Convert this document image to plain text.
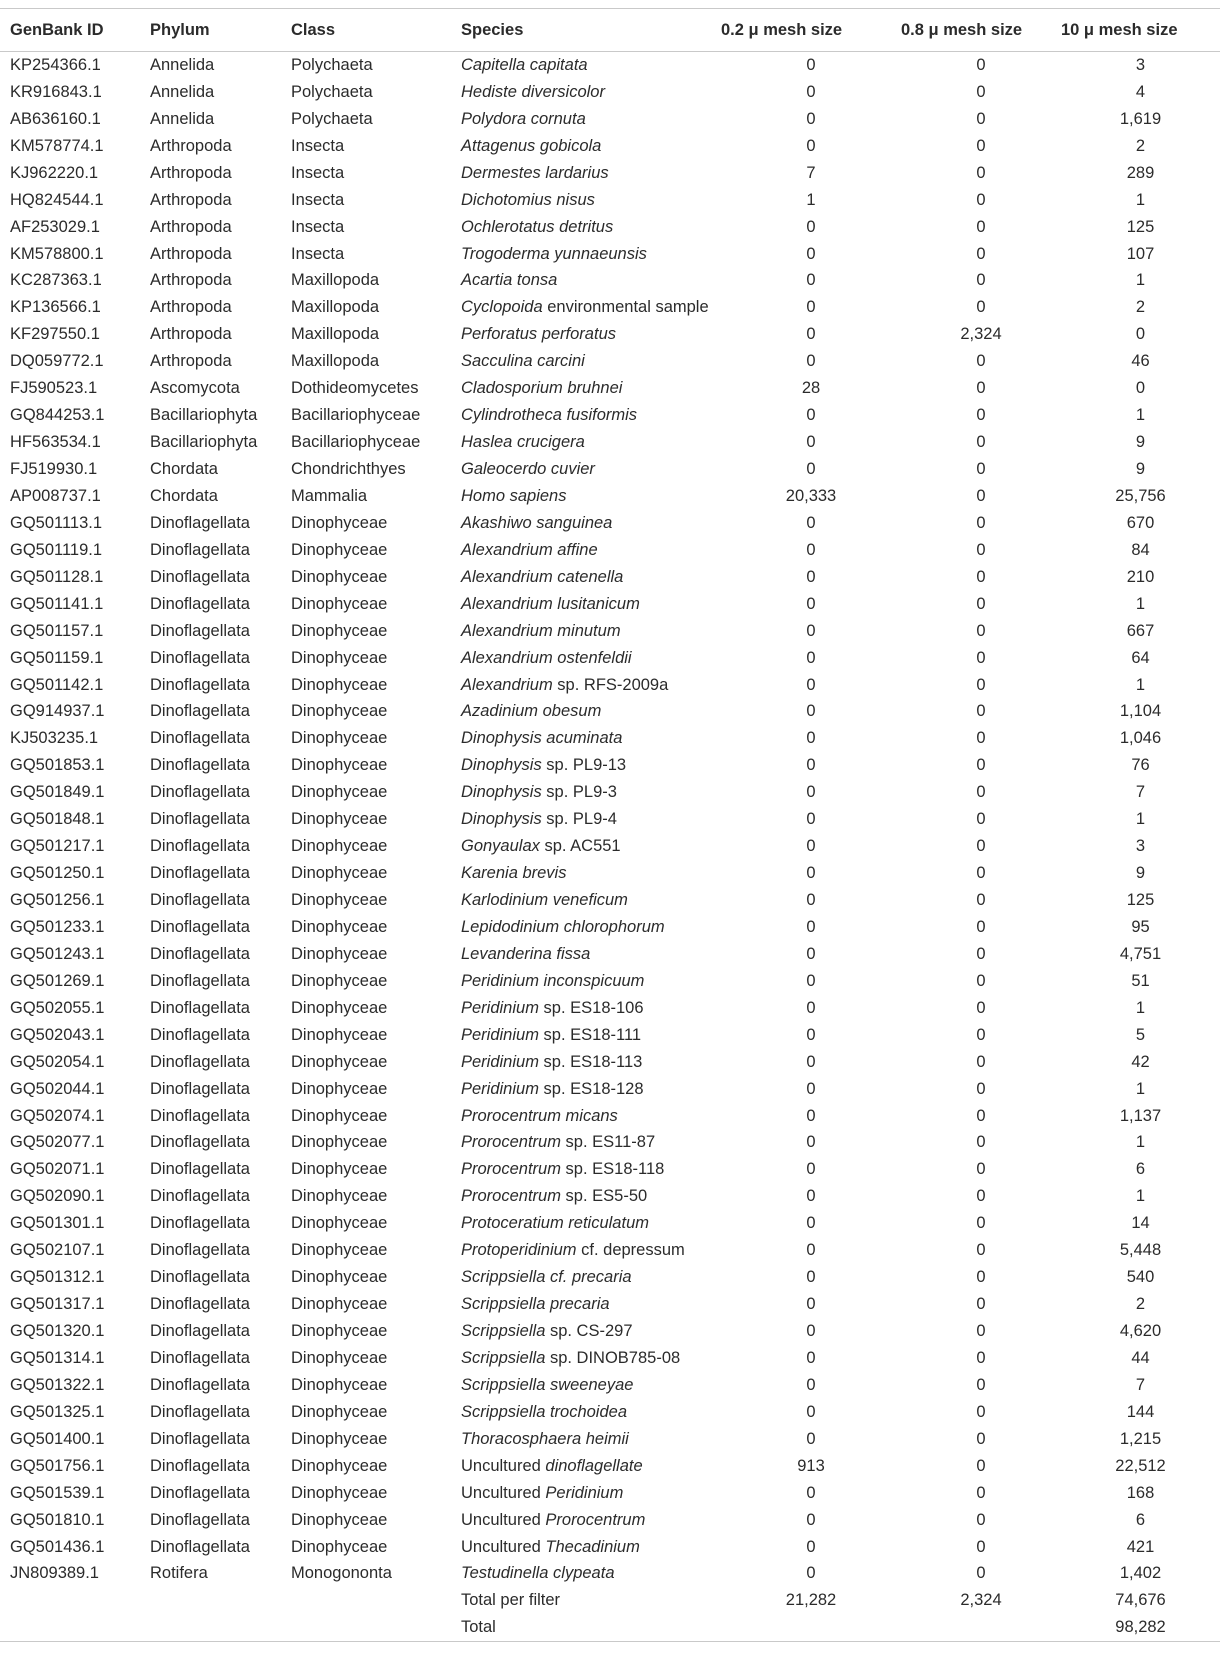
GenBank ID	Phylum	Class	Species	0.2 μ mesh size	0.8 μ mesh size	10 μ mesh size
KP254366.1	Annelida	Polychaeta	Capitella capitata	0	0	3
KR916843.1	Annelida	Polychaeta	Hediste diversicolor	0	0	4
AB636160.1	Annelida	Polychaeta	Polydora cornuta	0	0	1,619
KM578774.1	Arthropoda	Insecta	Attagenus gobicola	0	0	2
KJ962220.1	Arthropoda	Insecta	Dermestes lardarius	7	0	289
HQ824544.1	Arthropoda	Insecta	Dichotomius nisus	1	0	1
AF253029.1	Arthropoda	Insecta	Ochlerotatus detritus	0	0	125
KM578800.1	Arthropoda	Insecta	Trogoderma yunnaeunsis	0	0	107
KC287363.1	Arthropoda	Maxillopoda	Acartia tonsa	0	0	1
KP136566.1	Arthropoda	Maxillopoda	Cyclopoida environmental sample	0	0	2
KF297550.1	Arthropoda	Maxillopoda	Perforatus perforatus	0	2,324	0
DQ059772.1	Arthropoda	Maxillopoda	Sacculina carcini	0	0	46
FJ590523.1	Ascomycota	Dothideomycetes	Cladosporium bruhnei	28	0	0
GQ844253.1	Bacillariophyta	Bacillariophyceae	Cylindrotheca fusiformis	0	0	1
HF563534.1	Bacillariophyta	Bacillariophyceae	Haslea crucigera	0	0	9
FJ519930.1	Chordata	Chondrichthyes	Galeocerdo cuvier	0	0	9
AP008737.1	Chordata	Mammalia	Homo sapiens	20,333	0	25,756
GQ501113.1	Dinoflagellata	Dinophyceae	Akashiwo sanguinea	0	0	670
GQ501119.1	Dinoflagellata	Dinophyceae	Alexandrium affine	0	0	84
GQ501128.1	Dinoflagellata	Dinophyceae	Alexandrium catenella	0	0	210
GQ501141.1	Dinoflagellata	Dinophyceae	Alexandrium lusitanicum	0	0	1
GQ501157.1	Dinoflagellata	Dinophyceae	Alexandrium minutum	0	0	667
GQ501159.1	Dinoflagellata	Dinophyceae	Alexandrium ostenfeldii	0	0	64
GQ501142.1	Dinoflagellata	Dinophyceae	Alexandrium sp. RFS-2009a	0	0	1
GQ914937.1	Dinoflagellata	Dinophyceae	Azadinium obesum	0	0	1,104
KJ503235.1	Dinoflagellata	Dinophyceae	Dinophysis acuminata	0	0	1,046
GQ501853.1	Dinoflagellata	Dinophyceae	Dinophysis sp. PL9-13	0	0	76
GQ501849.1	Dinoflagellata	Dinophyceae	Dinophysis sp. PL9-3	0	0	7
GQ501848.1	Dinoflagellata	Dinophyceae	Dinophysis sp. PL9-4	0	0	1
GQ501217.1	Dinoflagellata	Dinophyceae	Gonyaulax sp. AC551	0	0	3
GQ501250.1	Dinoflagellata	Dinophyceae	Karenia brevis	0	0	9
GQ501256.1	Dinoflagellata	Dinophyceae	Karlodinium veneficum	0	0	125
GQ501233.1	Dinoflagellata	Dinophyceae	Lepidodinium chlorophorum	0	0	95
GQ501243.1	Dinoflagellata	Dinophyceae	Levanderina fissa	0	0	4,751
GQ501269.1	Dinoflagellata	Dinophyceae	Peridinium inconspicuum	0	0	51
GQ502055.1	Dinoflagellata	Dinophyceae	Peridinium sp. ES18-106	0	0	1
GQ502043.1	Dinoflagellata	Dinophyceae	Peridinium sp. ES18-111	0	0	5
GQ502054.1	Dinoflagellata	Dinophyceae	Peridinium sp. ES18-113	0	0	42
GQ502044.1	Dinoflagellata	Dinophyceae	Peridinium sp. ES18-128	0	0	1
GQ502074.1	Dinoflagellata	Dinophyceae	Prorocentrum micans	0	0	1,137
GQ502077.1	Dinoflagellata	Dinophyceae	Prorocentrum sp. ES11-87	0	0	1
GQ502071.1	Dinoflagellata	Dinophyceae	Prorocentrum sp. ES18-118	0	0	6
GQ502090.1	Dinoflagellata	Dinophyceae	Prorocentrum sp. ES5-50	0	0	1
GQ501301.1	Dinoflagellata	Dinophyceae	Protoceratium reticulatum	0	0	14
GQ502107.1	Dinoflagellata	Dinophyceae	Protoperidinium cf. depressum	0	0	5,448
GQ501312.1	Dinoflagellata	Dinophyceae	Scrippsiella cf. precaria	0	0	540
GQ501317.1	Dinoflagellata	Dinophyceae	Scrippsiella precaria	0	0	2
GQ501320.1	Dinoflagellata	Dinophyceae	Scrippsiella sp. CS-297	0	0	4,620
GQ501314.1	Dinoflagellata	Dinophyceae	Scrippsiella sp. DINOB785-08	0	0	44
GQ501322.1	Dinoflagellata	Dinophyceae	Scrippsiella sweeneyae	0	0	7
GQ501325.1	Dinoflagellata	Dinophyceae	Scrippsiella trochoidea	0	0	144
GQ501400.1	Dinoflagellata	Dinophyceae	Thoracosphaera heimii	0	0	1,215
GQ501756.1	Dinoflagellata	Dinophyceae	Uncultured dinoflagellate	913	0	22,512
GQ501539.1	Dinoflagellata	Dinophyceae	Uncultured Peridinium	0	0	168
GQ501810.1	Dinoflagellata	Dinophyceae	Uncultured Prorocentrum	0	0	6
GQ501436.1	Dinoflagellata	Dinophyceae	Uncultured Thecadinium	0	0	421
JN809389.1	Rotifera	Monogononta	Testudinella clypeata	0	0	1,402
			Total per filter	21,282	2,324	74,676
			Total			98,282
